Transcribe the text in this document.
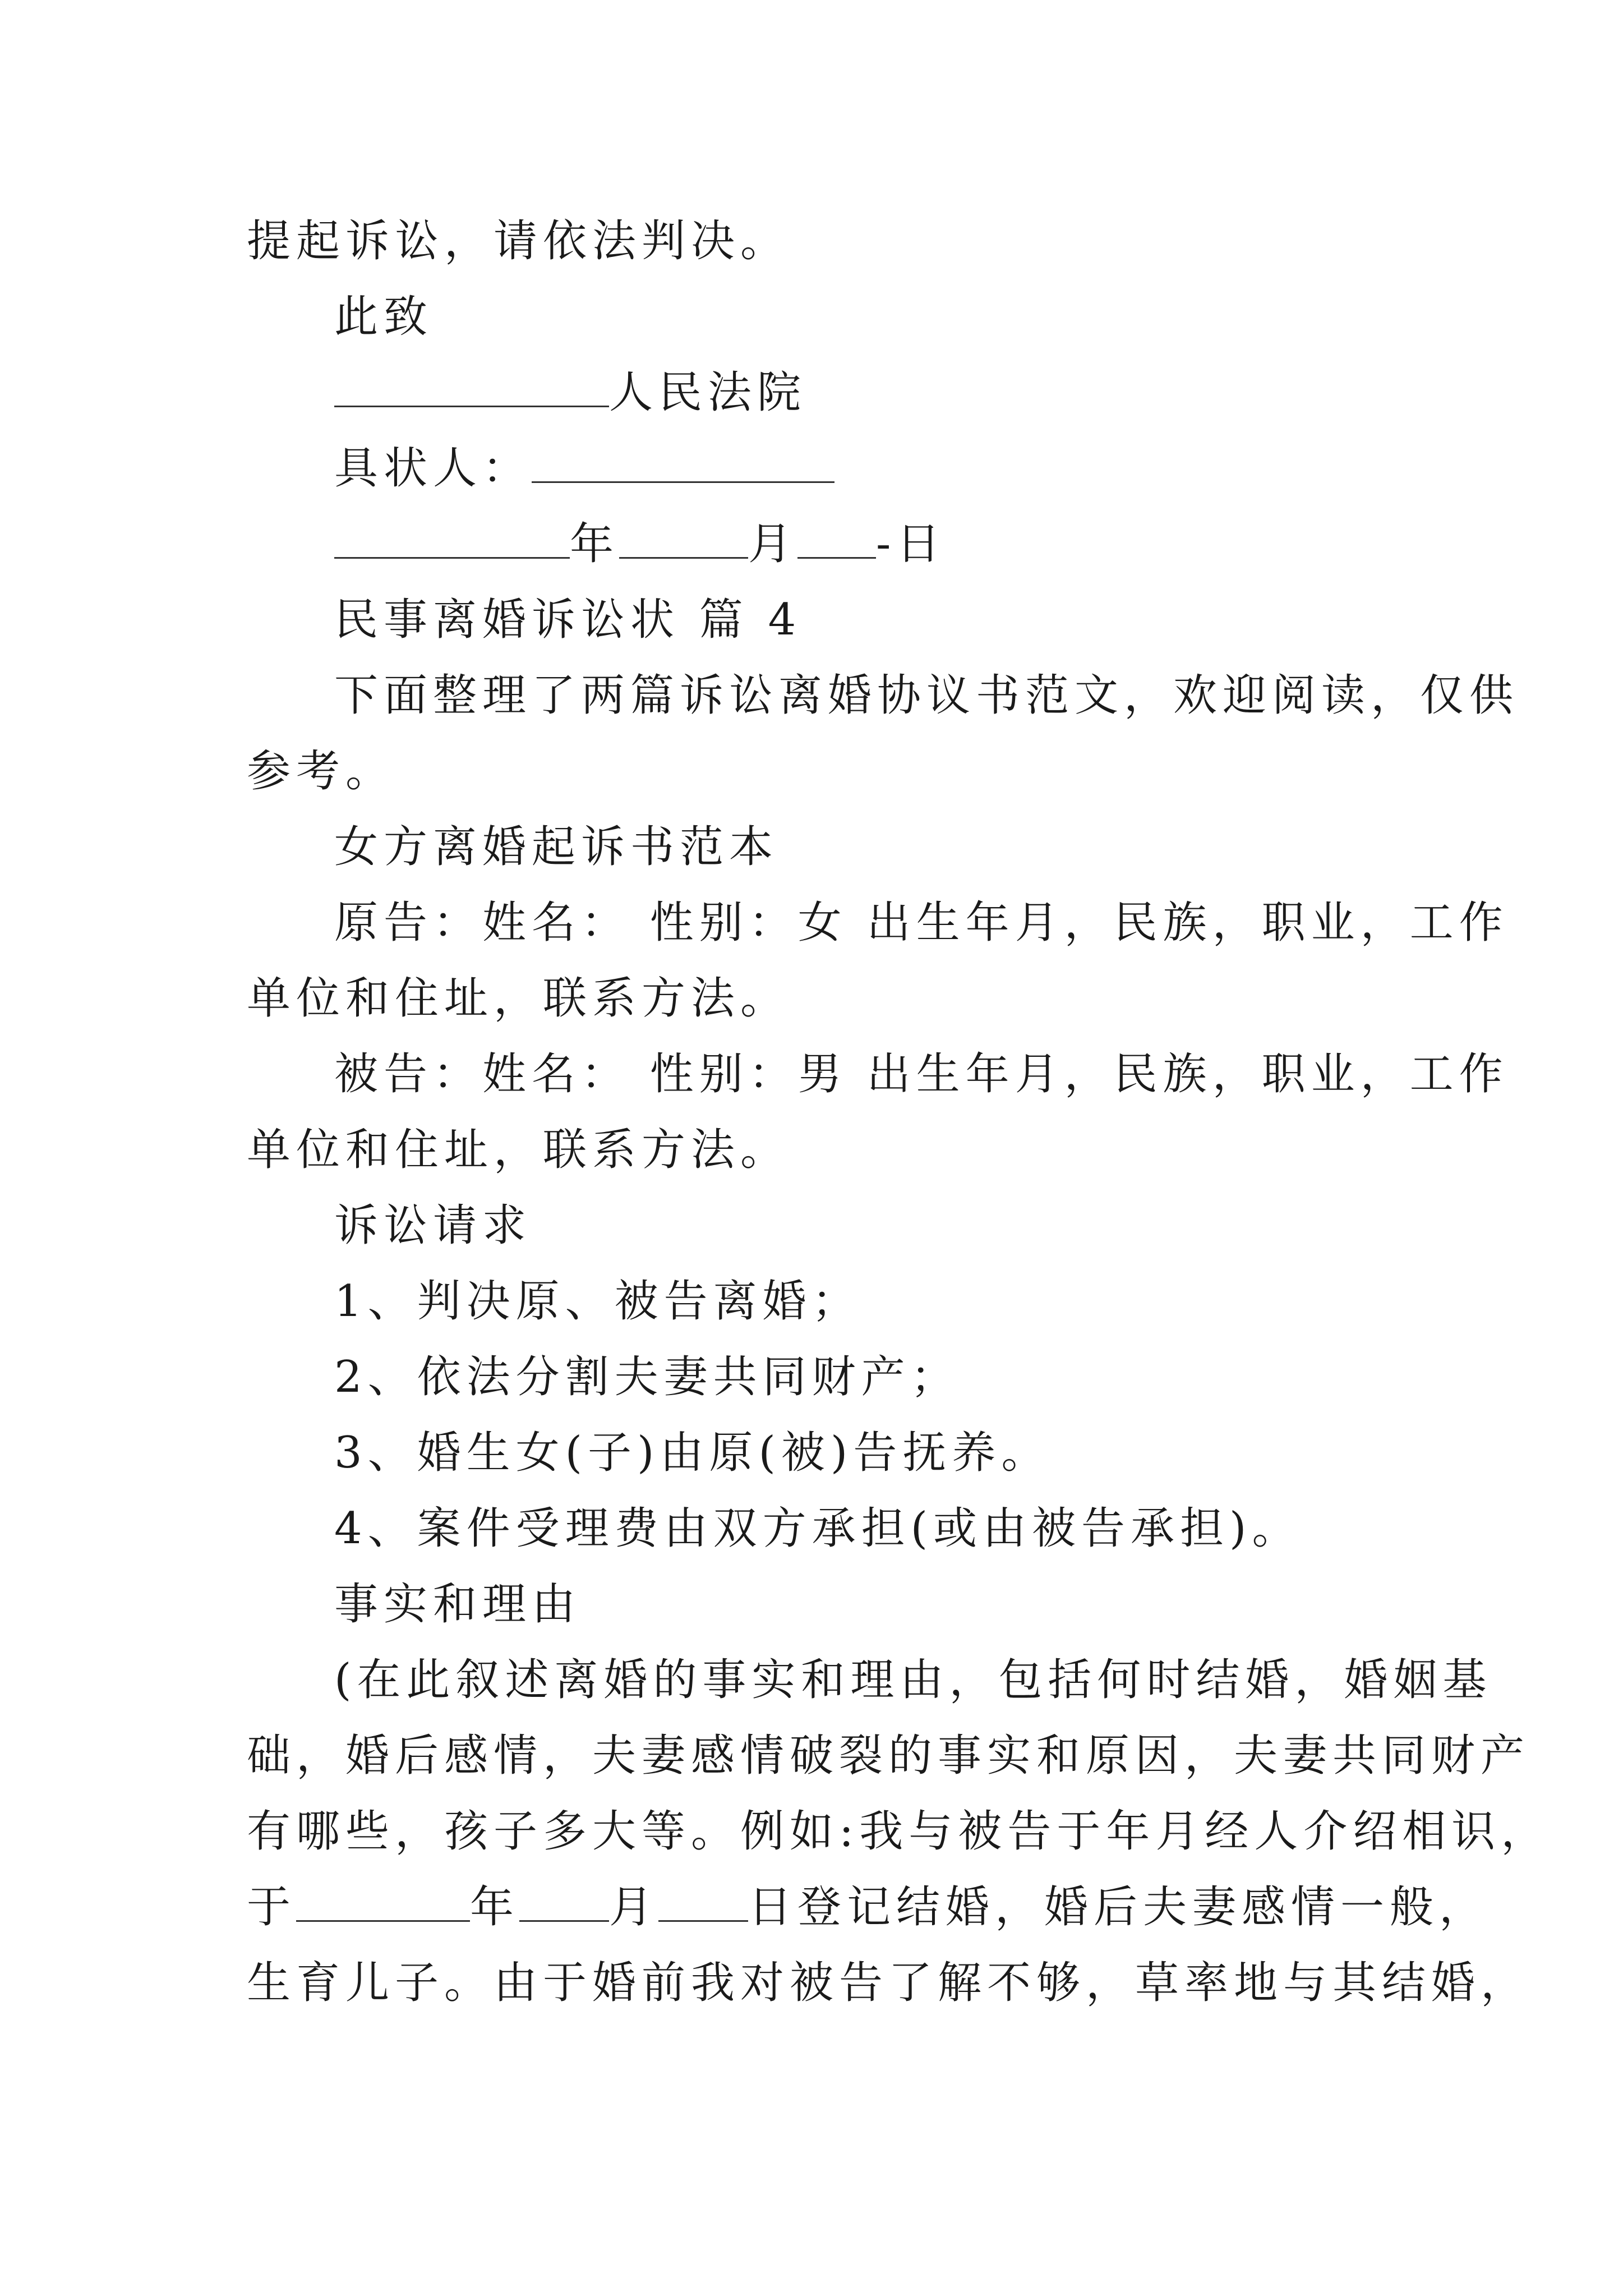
提起诉讼，请依法判决。
此致
人民法院
具状人：
年	月 -日
民事离婚诉讼状 篇 4
下面整理了两篇诉讼离婚协议书范文，欢迎阅读，仅供
参考。
女方离婚起诉书范本
原告：姓名： 性别：女 出生年月，民族，职业，工作
单位和住址，联系方法。
被告：姓名： 性别：男 出生年月，民族，职业，工作
单位和住址，联系方法。
诉讼请求
1、判决原、被告离婚；
2、依法分割夫妻共同财产；
3、婚生女(子)由原(被)告抚养。
4、案件受理费由双方承担(或由被告承担)。
事实和理由
(在此叙述离婚的事实和理由，包括何时结婚，婚姻基
础，婚后感情，夫妻感情破裂的事实和原因，夫妻共同财产
有哪些，孩子多大等。例如:我与被告于年月经人介绍相识，
于	年 月 日登记结婚，婚后夫妻感情一般，
生育儿子。由于婚前我对被告了解不够，草率地与其结婚，
